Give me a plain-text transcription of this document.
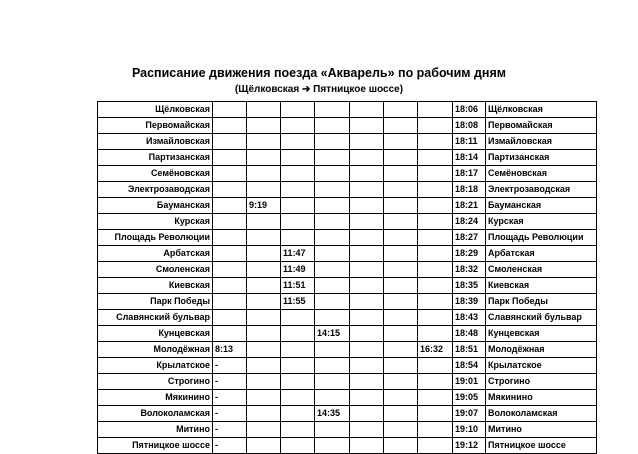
Расписание движения поезда «Акварель» по рабочим дням
(Щёлковская ➔ Пятницкое шоссе)
Щёлковская								18:06	Щёлковская
Первомайская								18:08	Первомайская
Измайловская								18:11	Измайловская
Партизанская								18:14	Партизанская
Семёновская								18:17	Семёновская
Электрозаводская								18:18	Электрозаводская
Бауманская		9:19						18:21	Бауманская
Курская								18:24	Курская
Площадь Революции								18:27	Площадь Революции
Арбатская			11:47					18:29	Арбатская
Смоленская			11:49					18:32	Смоленская
Киевская			11:51					18:35	Киевская
Парк Победы			11:55					18:39	Парк Победы
Славянский бульвар								18:43	Славянский бульвар
Кунцевская				14:15				18:48	Кунцевская
Молодёжная	8:13						16:32	18:51	Молодёжная
Крылатское	-							18:54	Крылатское
Строгино	-							19:01	Строгино
Мякинино	-							19:05	Мякинино
Волоколамская	-			14:35				19:07	Волоколамская
Митино	-							19:10	Митино
Пятницкое шоссе	-							19:12	Пятницкое шоссе
